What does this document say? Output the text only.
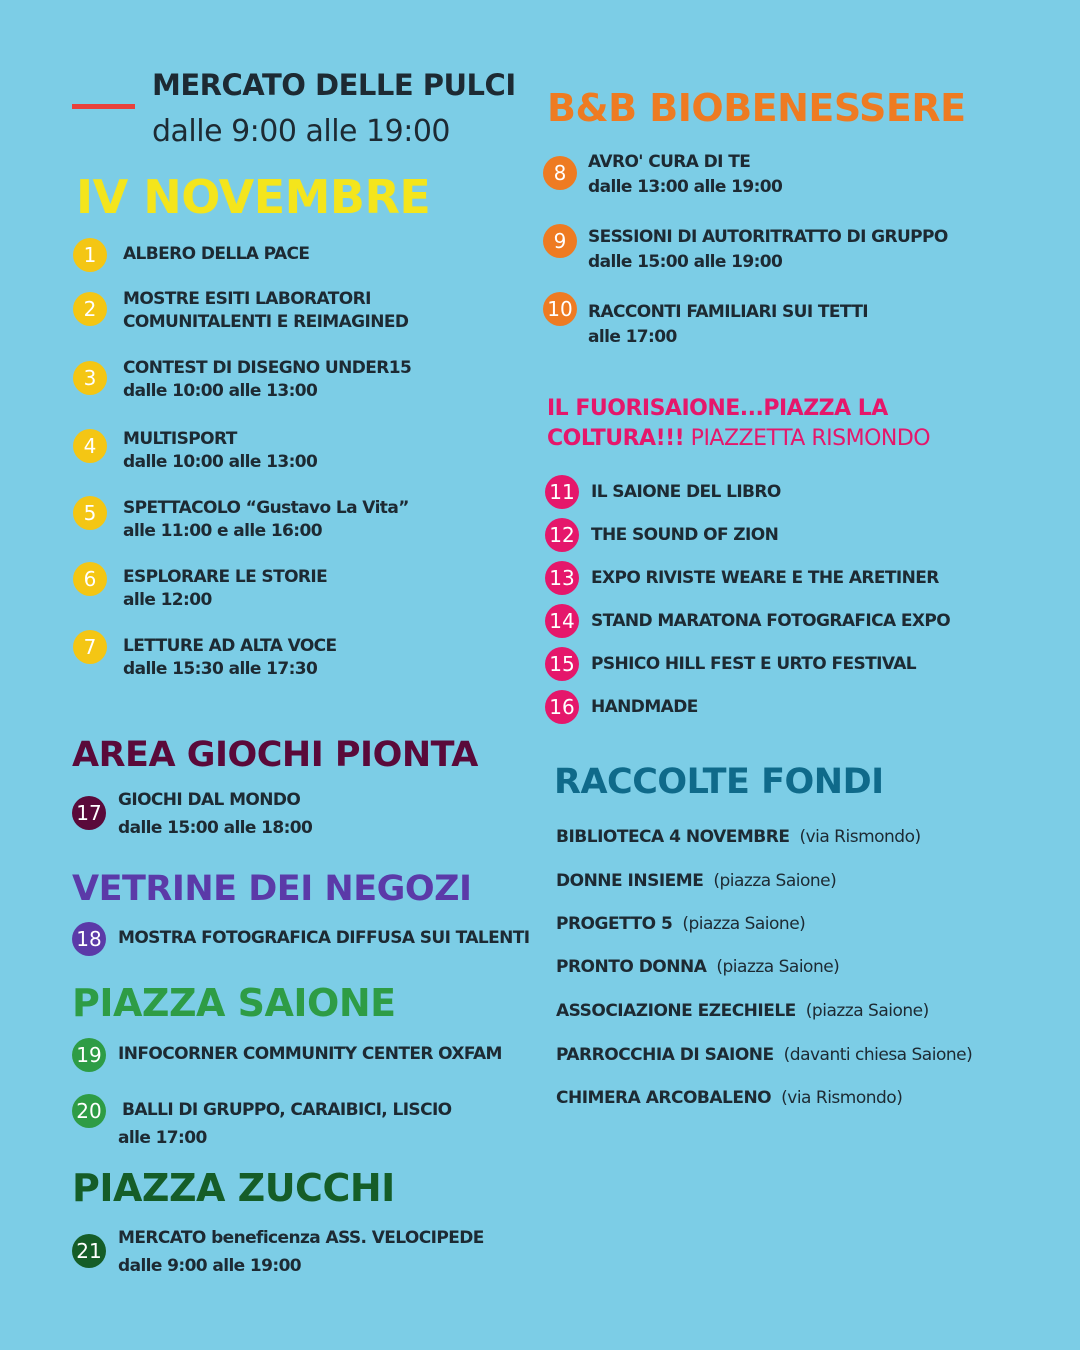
MERCATO DELLE PULCI
dalle 9:00 alle 19:00
IV NOVEMBRE
1	ALBERO DELLA PACE
2	MOSTRE ESITI LABORATORI
COMUNITALENTI E REIMAGINED
3	CONTEST DI DISEGNO UNDER15
dalle 10:00 alle 13:00
4	MULTISPORT
dalle 10:00 alle 13:00
5	SPETTACOLO “Gustavo La Vita”
alle 11:00 e alle 16:00
6	ESPLORARE LE STORIE
alle 12:00
7	LETTURE AD ALTA VOCE
dalle 15:30 alle 17:30
AREA GIOCHI PIONTA
17
GIOCHI DAL MONDO
dalle 15:00 alle 18:00
VETRINE DEI NEGOZI
18 MOSTRA FOTOGRAFICA DIFFUSA SUI TALENTI
PIAZZA SAIONE
19 INFOCORNER COMMUNITY CENTER OXFAM
20 BALLI DI GRUPPO, CARAIBICI, LISCIO
alle 17:00
PIAZZA ZUCCHI
21
MERCATO beneficenza ASS. VELOCIPEDE
dalle 9:00 alle 19:00
B&B BIOBENESSERE
8	AVRO' CURA DI TE
dalle 13:00 alle 19:00
9	SESSIONI DI AUTORITRATTO DI GRUPPO
dalle 15:00 alle 19:00
10 RACCONTI FAMILIARI SUI TETTI
alle 17:00
IL FUORISAIONE...PIAZZA LA
COLTURA!!! PIAZZETTA RISMONDO
11 IL SAIONE DEL LIBRO
12 THE SOUND OF ZION
13 EXPO RIVISTE WEARE E THE ARETINER
14 STAND MARATONA FOTOGRAFICA EXPO
15 PSHICO HILL FEST E URTO FESTIVAL
16 HANDMADE
RACCOLTE FONDI
BIBLIOTECA 4 NOVEMBRE (via Rismondo)
DONNE INSIEME (piazza Saione)
PROGETTO 5 (piazza Saione)
PRONTO DONNA (piazza Saione)
ASSOCIAZIONE EZECHIELE (piazza Saione)
PARROCCHIA DI SAIONE (davanti chiesa Saione)
CHIMERA ARCOBALENO (via Rismondo)
